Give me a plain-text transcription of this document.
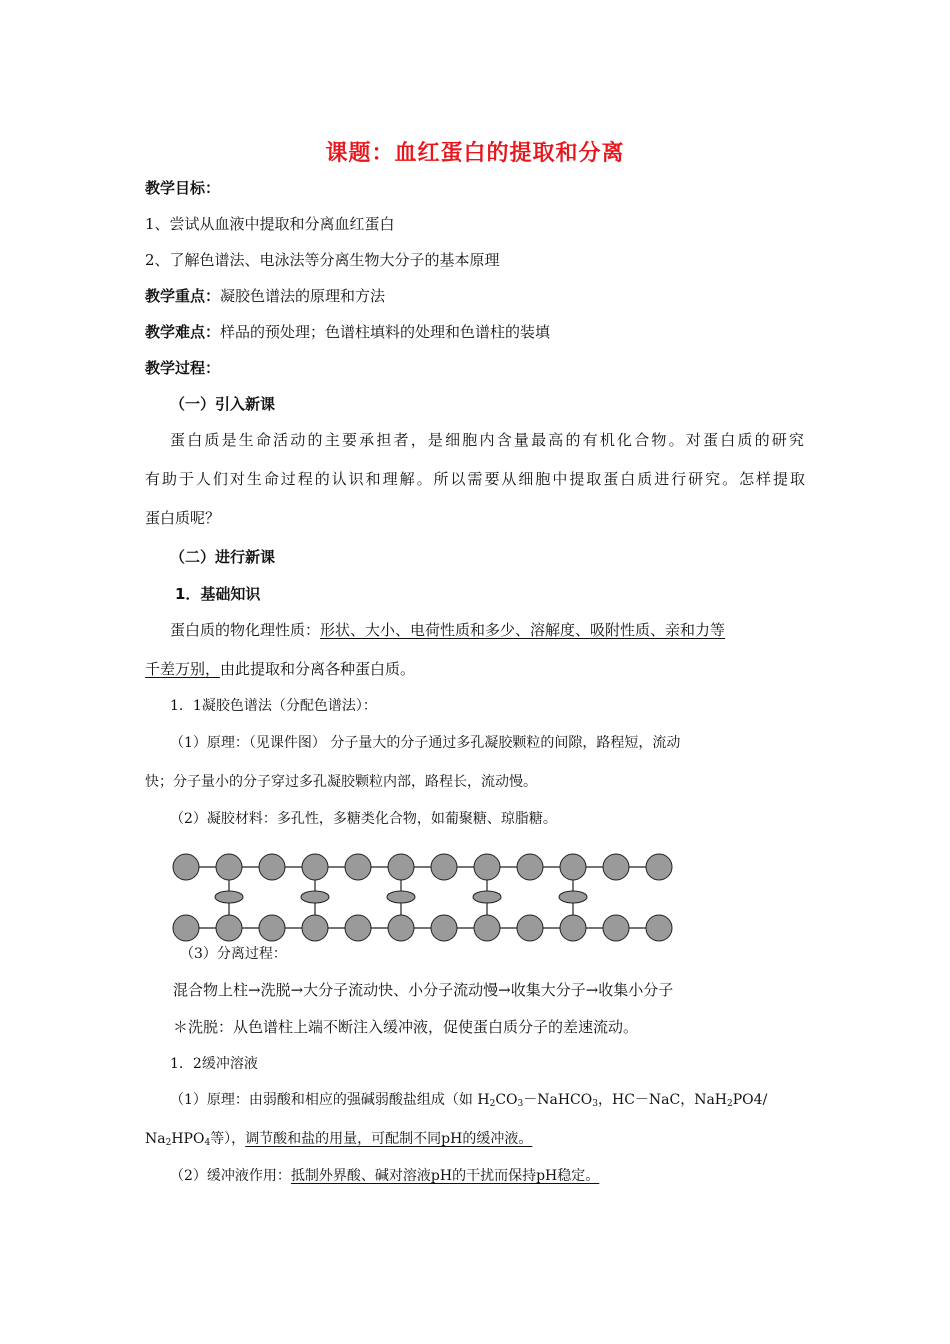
课题：血红蛋白的提取和分离
教学目标：
1、尝试从血液中提取和分离血红蛋白
2、了解色谱法、电泳法等分离生物大分子的基本原理
教学重点：凝胶色谱法的原理和方法
教学难点：样品的预处理；色谱柱填料的处理和色谱柱的装填
教学过程：
（一）引入新课
蛋白质是生命活动的主要承担者，是细胞内含量最高的有机化合物。对蛋白质的研究
有助于人们对生命过程的认识和理解。所以需要从细胞中提取蛋白质进行研究。怎样提取
蛋白质呢？
（二）进行新课
1．基础知识
蛋白质的物化理性质：形状、大小、电荷性质和多少、溶解度、吸附性质、亲和力等
千差万别，由此提取和分离各种蛋白质。
1．1凝胶色谱法（分配色谱法）：
（1）原理：（见课件图） 分子量大的分子通过多孔凝胶颗粒的间隙，路程短，流动
快；分子量小的分子穿过多孔凝胶颗粒内部，路程长，流动慢。
（2）凝胶材料：多孔性，多糖类化合物，如葡聚糖、琼脂糖。
（3）分离过程：
混合物上柱→洗脱→大分子流动快、小分子流动慢→收集大分子→收集小分子
＊洗脱：从色谱柱上端不断注入缓冲液，促使蛋白质分子的差速流动。
1．2缓冲溶液
（1）原理：由弱酸和相应的强碱弱酸盐组成（如 $H_2CO_3-NaHCO_3$，HC－NaC，NaH$_2$PO4/
$Na_2HPO_4$等），调节酸和盐的用量，可配制不同pH的缓冲液。
（2）缓冲液作用：抵制外界酸、碱对溶液pH的干扰而保持pH稳定。
